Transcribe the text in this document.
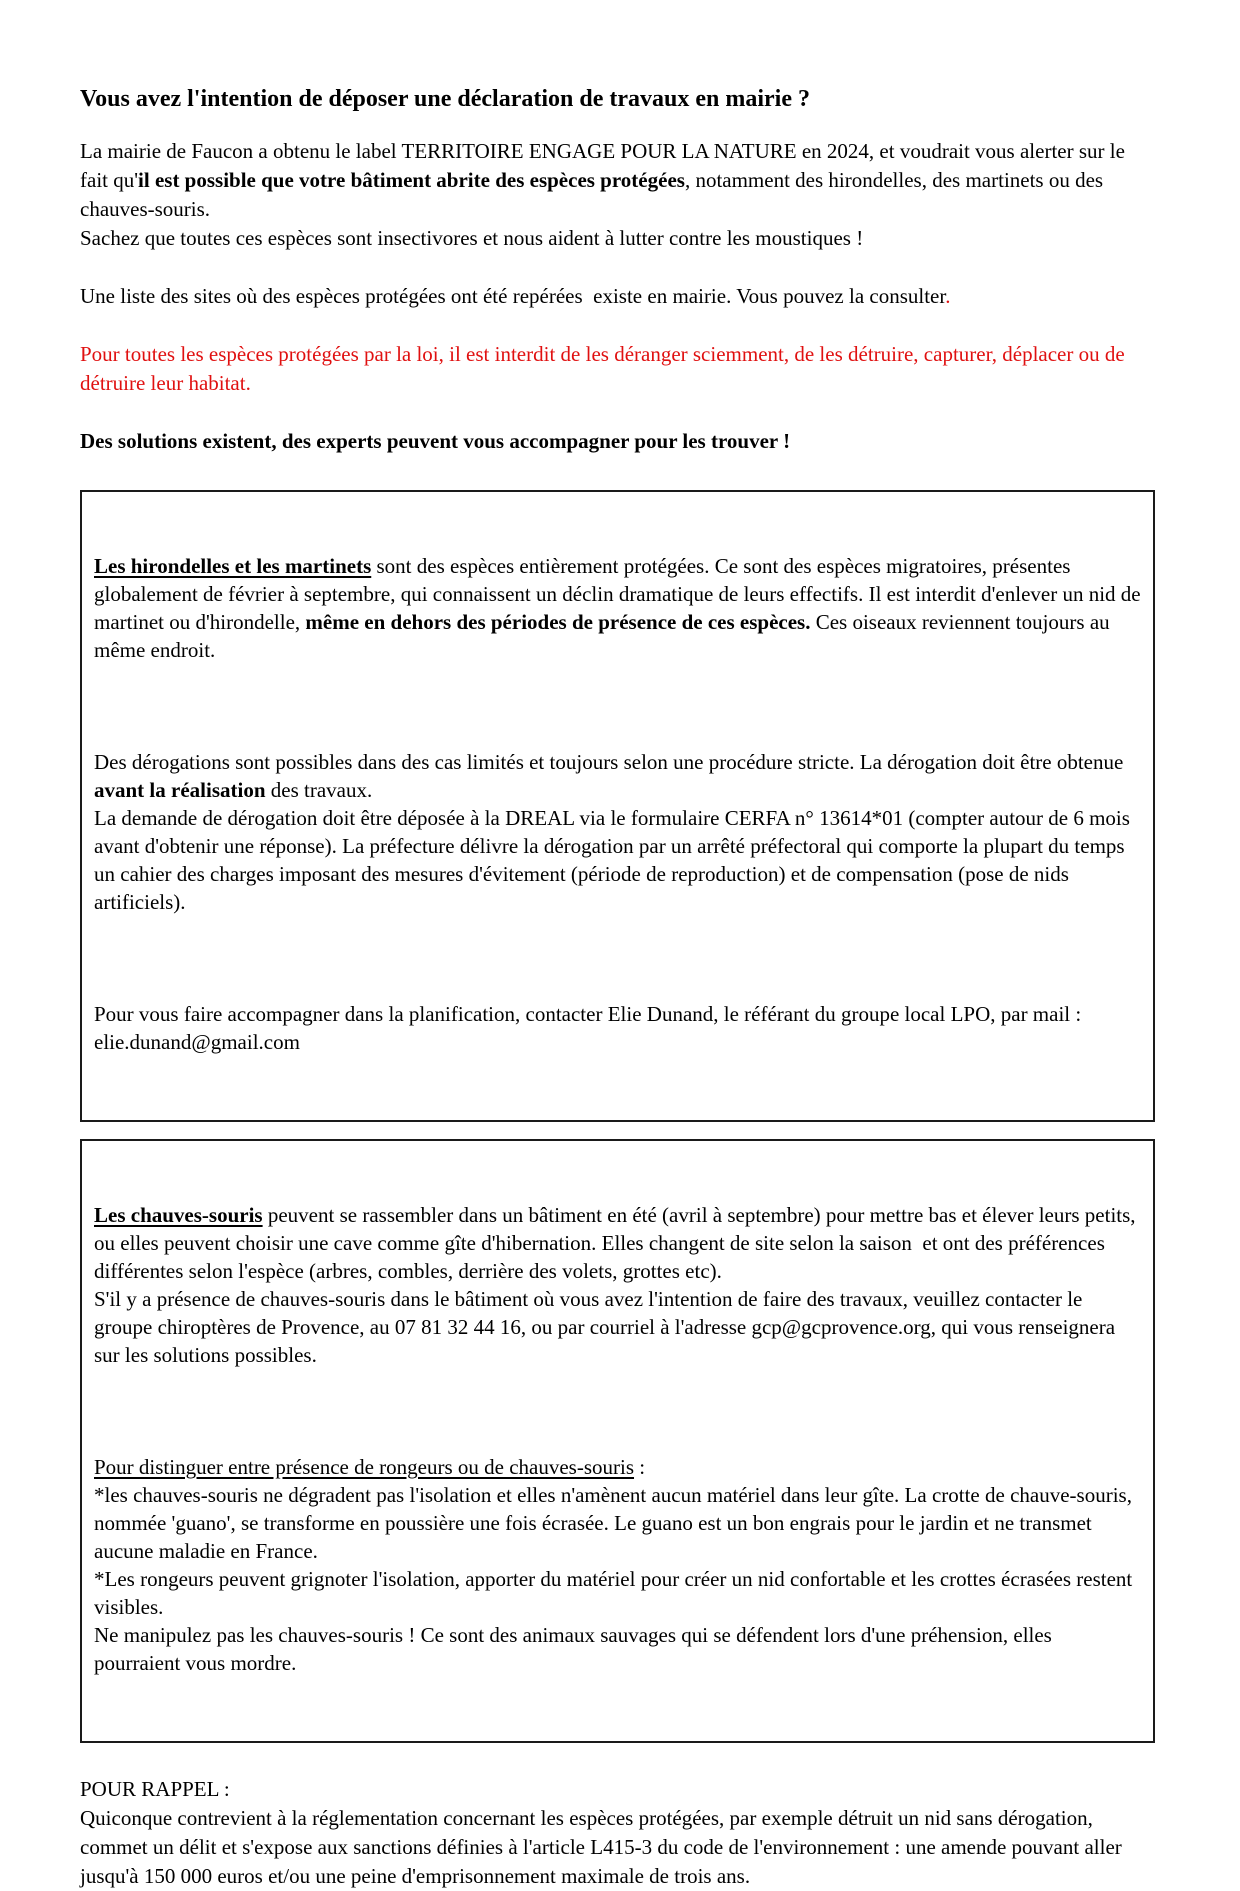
Vous avez l'intention de déposer une déclaration de travaux en mairie ?
La mairie de Faucon a obtenu le label TERRITOIRE ENGAGE POUR LA NATURE en 2024, et voudrait vous alerter sur le fait qu'il est possible que votre bâtiment abrite des espèces protégées, notamment des hirondelles, des martinets ou des chauves-souris.
Sachez que toutes ces espèces sont insectivores et nous aident à lutter contre les moustiques !
Une liste des sites où des espèces protégées ont été repérées  existe en mairie. Vous pouvez la consulter.
Pour toutes les espèces protégées par la loi, il est interdit de les déranger sciemment, de les détruire, capturer, déplacer ou de détruire leur habitat.
Des solutions existent, des experts peuvent vous accompagner pour les trouver !

Les hirondelles et les martinets sont des espèces entièrement protégées. Ce sont des espèces migratoires, présentes globalement de février à septembre, qui connaissent un déclin dramatique de leurs effectifs. Il est interdit d'enlever un nid de martinet ou d'hirondelle, même en dehors des périodes de présence de ces espèces. Ces oiseaux reviennent toujours au même endroit.

Des dérogations sont possibles dans des cas limités et toujours selon une procédure stricte. La dérogation doit être obtenue avant la réalisation des travaux.
La demande de dérogation doit être déposée à la DREAL via le formulaire CERFA n° 13614*01 (compter autour de 6 mois avant d'obtenir une réponse). La préfecture délivre la dérogation par un arrêté préfectoral qui comporte la plupart du temps un cahier des charges imposant des mesures d'évitement (période de reproduction) et de compensation (pose de nids artificiels).

Pour vous faire accompagner dans la planification, contacter Elie Dunand, le référant du groupe local LPO, par mail : elie.dunand@gmail.com

Les chauves-souris peuvent se rassembler dans un bâtiment en été (avril à septembre) pour mettre bas et élever leurs petits, ou elles peuvent choisir une cave comme gîte d'hibernation. Elles changent de site selon la saison  et ont des préférences différentes selon l'espèce (arbres, combles, derrière des volets, grottes etc).
S'il y a présence de chauves-souris dans le bâtiment où vous avez l'intention de faire des travaux, veuillez contacter le groupe chiroptères de Provence, au 07 81 32 44 16, ou par courriel à l'adresse gcp@gcprovence.org, qui vous renseignera sur les solutions possibles.

Pour distinguer entre présence de rongeurs ou de chauves-souris :
*les chauves-souris ne dégradent pas l'isolation et elles n'amènent aucun matériel dans leur gîte. La crotte de chauve-souris, nommée 'guano', se transforme en poussière une fois écrasée. Le guano est un bon engrais pour le jardin et ne transmet aucune maladie en France.
*Les rongeurs peuvent grignoter l'isolation, apporter du matériel pour créer un nid confortable et les crottes écrasées restent visibles.
Ne manipulez pas les chauves-souris ! Ce sont des animaux sauvages qui se défendent lors d'une préhension, elles pourraient vous mordre.

POUR RAPPEL :
Quiconque contrevient à la réglementation concernant les espèces protégées, par exemple détruit un nid sans dérogation, commet un délit et s'expose aux sanctions définies à l'article L415-3 du code de l'environnement : une amende pouvant aller jusqu'à 150 000 euros et/ou une peine d'emprisonnement maximale de trois ans.
